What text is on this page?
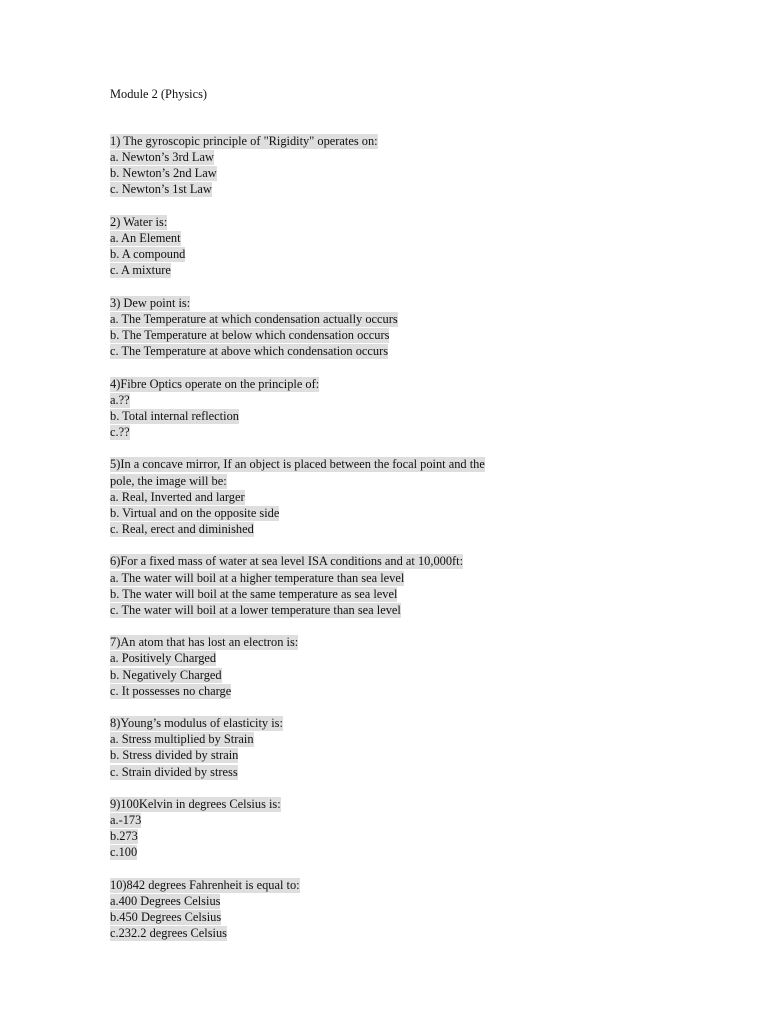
Module 2 (Physics)
1) The gyroscopic principle of "Rigidity" operates on:
a. Newton’s 3rd Law
b. Newton’s 2nd Law
c. Newton’s 1st Law
2) Water is:
a. An Element
b. A compound
c. A mixture
3) Dew point is:
a. The Temperature at which condensation actually occurs
b. The Temperature at below which condensation occurs
c. The Temperature at above which condensation occurs
4)Fibre Optics operate on the principle of:
a.??
b. Total internal reflection
c.??
5)In a concave mirror, If an object is placed between the focal point and the
pole, the image will be:
a. Real, Inverted and larger
b. Virtual and on the opposite side
c. Real, erect and diminished
6)For a fixed mass of water at sea level ISA conditions and at 10,000ft:
a. The water will boil at a higher temperature than sea level
b. The water will boil at the same temperature as sea level
c. The water will boil at a lower temperature than sea level
7)An atom that has lost an electron is:
a. Positively Charged
b. Negatively Charged
c. It possesses no charge
8)Young’s modulus of elasticity is:
a. Stress multiplied by Strain
b. Stress divided by strain
c. Strain divided by stress
9)100Kelvin in degrees Celsius is:
a.-173
b.273
c.100
10)842 degrees Fahrenheit is equal to:
a.400 Degrees Celsius
b.450 Degrees Celsius
c.232.2 degrees Celsius
